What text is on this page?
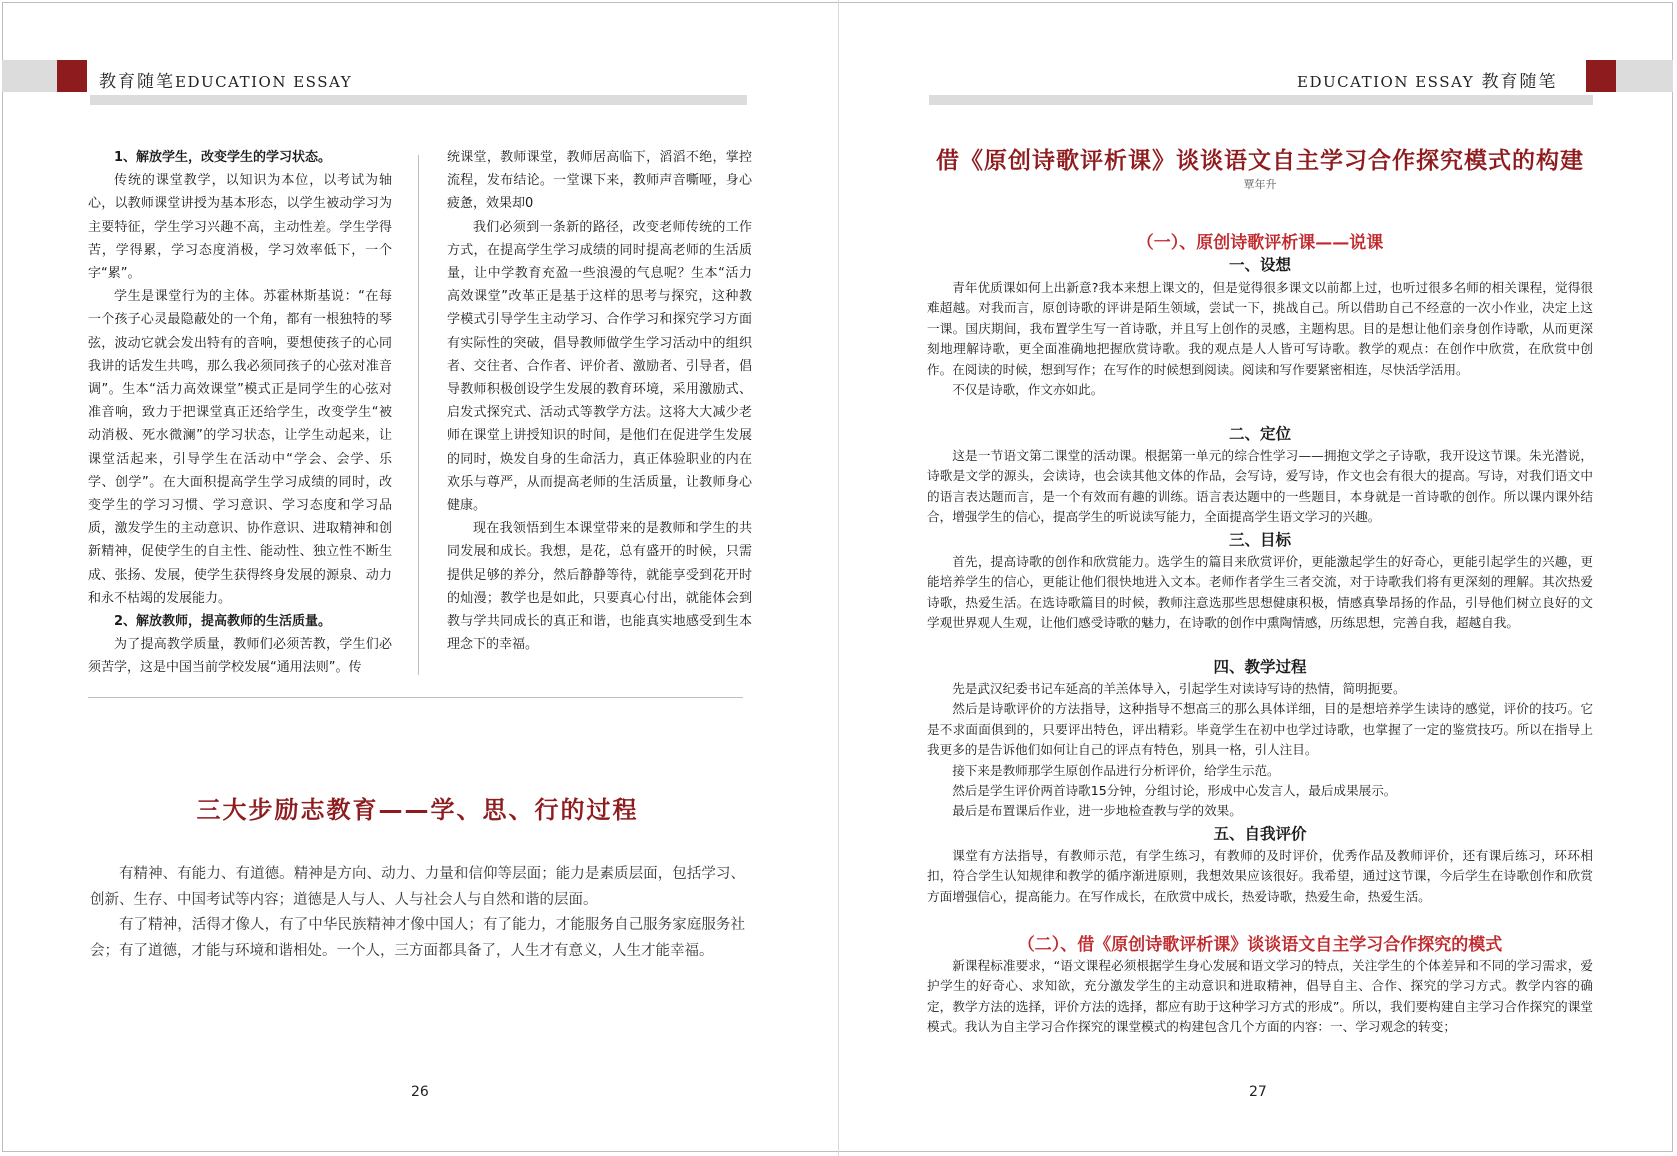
教育随笔EDUCATION ESSAY	EDUCATION ESSAY 教育随笔

1、解放学生，改变学生的学习状态。

传统的课堂教学，以知识为本位，以考试为轴心，以教师课堂讲授为基本形态，以学生被动学习为主要特征，学生学习兴趣不高，主动性差。学生学得苦，学得累，学习态度消极，学习效率低下，一个字“累”。

学生是课堂行为的主体。苏霍林斯基说：“在每一个孩子心灵最隐蔽处的一个角，都有一根独特的琴弦，波动它就会发出特有的音响，要想使孩子的心同我讲的话发生共鸣，那么我必须同孩子的心弦对准音调”。生本“活力高效课堂”模式正是同学生的心弦对准音响，致力于把课堂真正还给学生，改变学生“被动消极、死水微澜”的学习状态，让学生动起来，让课堂活起来，引导学生在活动中“学会、会学、乐学、创学”。在大面积提高学生学习成绩的同时，改变学生的学习习惯、学习意识、学习态度和学习品质，激发学生的主动意识、协作意识、进取精神和创新精神，促使学生的自主性、能动性、独立性不断生成、张扬、发展，使学生获得终身发展的源泉、动力和永不枯竭的发展能力。

2、解放教师，提高教师的生活质量。

为了提高教学质量，教师们必须苦教，学生们必须苦学，这是中国当前学校发展“通用法则”。传

统课堂，教师课堂，教师居高临下，滔滔不绝，掌控流程，发布结论。一堂课下来，教师声音嘶哑，身心疲惫，效果却0

我们必须到一条新的路径，改变老师传统的工作方式，在提高学生学习成绩的同时提高老师的生活质量，让中学教育充盈一些浪漫的气息呢？生本“活力高效课堂”改革正是基于这样的思考与探究，这种教学模式引导学生主动学习、合作学习和探究学习方面有实际性的突破，倡导教师做学生学习活动中的组织者、交往者、合作者、评价者、激励者、引导者，倡导教师积极创设学生发展的教育环境，采用激励式、启发式探究式、活动式等教学方法。这将大大减少老师在课堂上讲授知识的时间，是他们在促进学生发展的同时，焕发自身的生命活力，真正体验职业的内在欢乐与尊严，从而提高老师的生活质量，让教师身心健康。

现在我领悟到生本课堂带来的是教师和学生的共同发展和成长。我想，是花，总有盛开的时候，只需提供足够的养分，然后静静等待，就能享受到花开时的灿漫；教学也是如此，只要真心付出，就能体会到教与学共同成长的真正和谐，也能真实地感受到生本理念下的幸福。

三大步励志教育——学、思、行的过程

有精神、有能力、有道德。精神是方向、动力、力量和信仰等层面；能力是素质层面，包括学习、创新、生存、中国考试等内容；道德是人与人、人与社会人与自然和谐的层面。

有了精神，活得才像人，有了中华民族精神才像中国人；有了能力，才能服务自己服务家庭服务社会；有了道德，才能与环境和谐相处。一个人，三方面都具备了，人生才有意义，人生才能幸福。

26
借《原创诗歌评析课》谈谈语文自主学习合作探究模式的构建
覃年升
（一）、原创诗歌评析课——说课
一、设想

青年优质课如何上出新意?我本来想上课文的，但是觉得很多课文以前都上过，也听过很多名师的相关课程，觉得很难超越。对我而言，原创诗歌的评讲是陌生领域，尝试一下，挑战自己。所以借助自己不经意的一次小作业，决定上这一课。国庆期间，我布置学生写一首诗歌，并且写上创作的灵感，主题构思。目的是想让他们亲身创作诗歌，从而更深刻地理解诗歌，更全面准确地把握欣赏诗歌。我的观点是人人皆可写诗歌。教学的观点：在创作中欣赏，在欣赏中创作。在阅读的时候，想到写作；在写作的时候想到阅读。阅读和写作要紧密相连，尽快活学活用。

不仅是诗歌，作文亦如此。

二、定位

这是一节语文第二课堂的活动课。根据第一单元的综合性学习——拥抱文学之子诗歌，我开设这节课。朱光潜说，诗歌是文学的源头，会读诗，也会读其他文体的作品，会写诗，爱写诗，作文也会有很大的提高。写诗，对我们语文中的语言表达题而言，是一个有效而有趣的训练。语言表达题中的一些题目，本身就是一首诗歌的创作。所以课内课外结合，增强学生的信心，提高学生的听说读写能力，全面提高学生语文学习的兴趣。

三、目标

首先，提高诗歌的创作和欣赏能力。选学生的篇目来欣赏评价，更能激起学生的好奇心，更能引起学生的兴趣，更能培养学生的信心，更能让他们很快地进入文本。老师作者学生三者交流，对于诗歌我们将有更深刻的理解。其次热爱诗歌，热爱生活。在选诗歌篇目的时候，教师注意选那些思想健康积极，情感真挚昂扬的作品，引导他们树立良好的文学观世界观人生观，让他们感受诗歌的魅力，在诗歌的创作中熏陶情感，历练思想，完善自我，超越自我。

四、教学过程

先是武汉纪委书记车延高的羊羔体导入，引起学生对读诗写诗的热情，简明扼要。

然后是诗歌评价的方法指导，这种指导不想高三的那么具体详细，目的是想培养学生读诗的感觉，评价的技巧。它是不求面面俱到的，只要评出特色，评出精彩。毕竟学生在初中也学过诗歌，也掌握了一定的鉴赏技巧。所以在指导上我更多的是告诉他们如何让自己的评点有特色，别具一格，引人注目。

接下来是教师那学生原创作品进行分析评价，给学生示范。

然后是学生评价两首诗歌15分钟，分组讨论，形成中心发言人，最后成果展示。

最后是布置课后作业，进一步地检查教与学的效果。

五、自我评价

课堂有方法指导，有教师示范，有学生练习，有教师的及时评价，优秀作品及教师评价，还有课后练习，环环相扣，符合学生认知规律和教学的循序渐进原则，我想效果应该很好。我希望，通过这节课，今后学生在诗歌创作和欣赏方面增强信心，提高能力。在写作成长，在欣赏中成长，热爱诗歌，热爱生命，热爱生活。

（二）、借《原创诗歌评析课》谈谈语文自主学习合作探究的模式

新课程标准要求，“语文课程必须根据学生身心发展和语文学习的特点，关注学生的个体差异和不同的学习需求，爱护学生的好奇心、求知欲，充分激发学生的主动意识和进取精神，倡导自主、合作、探究的学习方式。教学内容的确定，教学方法的选择，评价方法的选择，都应有助于这种学习方式的形成”。所以，我们要构建自主学习合作探究的课堂模式。我认为自主学习合作探究的课堂模式的构建包含几个方面的内容：一、学习观念的转变；

27
